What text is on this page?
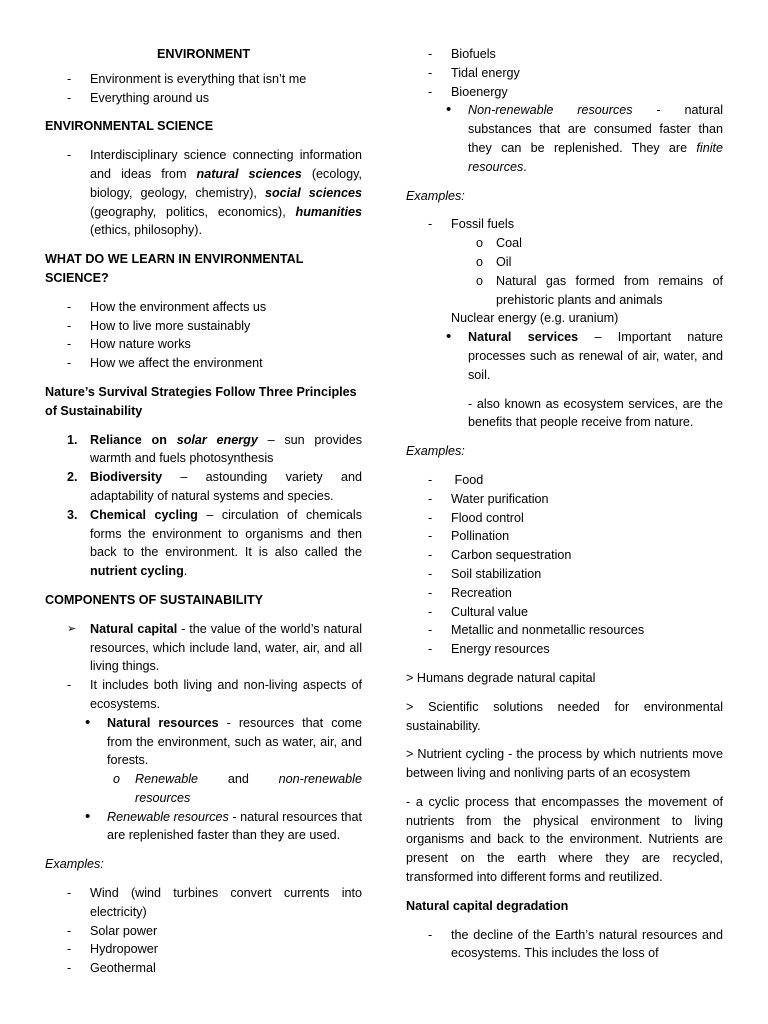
ENVIRONMENT

- Environment is everything that isn’t me

- Everything around us

ENVIRONMENTAL SCIENCE

- Interdisciplinary science connecting information and ideas from natural sciences (ecology, biology, geology, chemistry), social sciences (geography, politics, economics), humanities (ethics, philosophy).

WHAT DO WE LEARN IN ENVIRONMENTAL SCIENCE?

- How the environment affects us

- How to live more sustainably

- How nature works

- How we affect the environment

Nature’s Survival Strategies Follow Three Principles of Sustainability

1. Reliance on solar energy – sun provides warmth and fuels photosynthesis

2. Biodiversity – astounding variety and adaptability of natural systems and species.

3. Chemical cycling – circulation of chemicals forms the environment to organisms and then back to the environment. It is also called the nutrient cycling.

COMPONENTS OF SUSTAINABILITY

➢ Natural capital - the value of the world’s natural resources, which include land, water, air, and all living things.

- It includes both living and non-living aspects of ecosystems.

• Natural resources - resources that come from the environment, such as water, air, and forests.

o Renewable and non-renewable

resources

• Renewable resources - natural resources that are replenished faster than they are used.

Examples:

- Wind (wind turbines convert currents into electricity)

- Solar power

- Hydropower

- Geothermal

- Biofuels

- Tidal energy

- Bioenergy

• Non-renewable resources - natural substances that are consumed faster than they can be replenished. They are finite resources.

Examples:

- Fossil fuels

o Coal

o Oil

o Natural gas formed from remains of prehistoric plants and animals

Nuclear energy (e.g. uranium)

• Natural services – Important nature processes such as renewal of air, water, and soil.

- also known as ecosystem services, are the benefits that people receive from nature.

Examples:

- Food

- Water purification

- Flood control

- Pollination

- Carbon sequestration

- Soil stabilization

- Recreation

- Cultural value

- Metallic and nonmetallic resources

- Energy resources

> Humans degrade natural capital

> Scientific solutions needed for environmental sustainability.

> Nutrient cycling - the process by which nutrients move between living and nonliving parts of an ecosystem

- a cyclic process that encompasses the movement of nutrients from the physical environment to living organisms and back to the environment. Nutrients are present on the earth where they are recycled, transformed into different forms and reutilized.

Natural capital degradation

- the decline of the Earth’s natural resources and ecosystems. This includes the loss of
